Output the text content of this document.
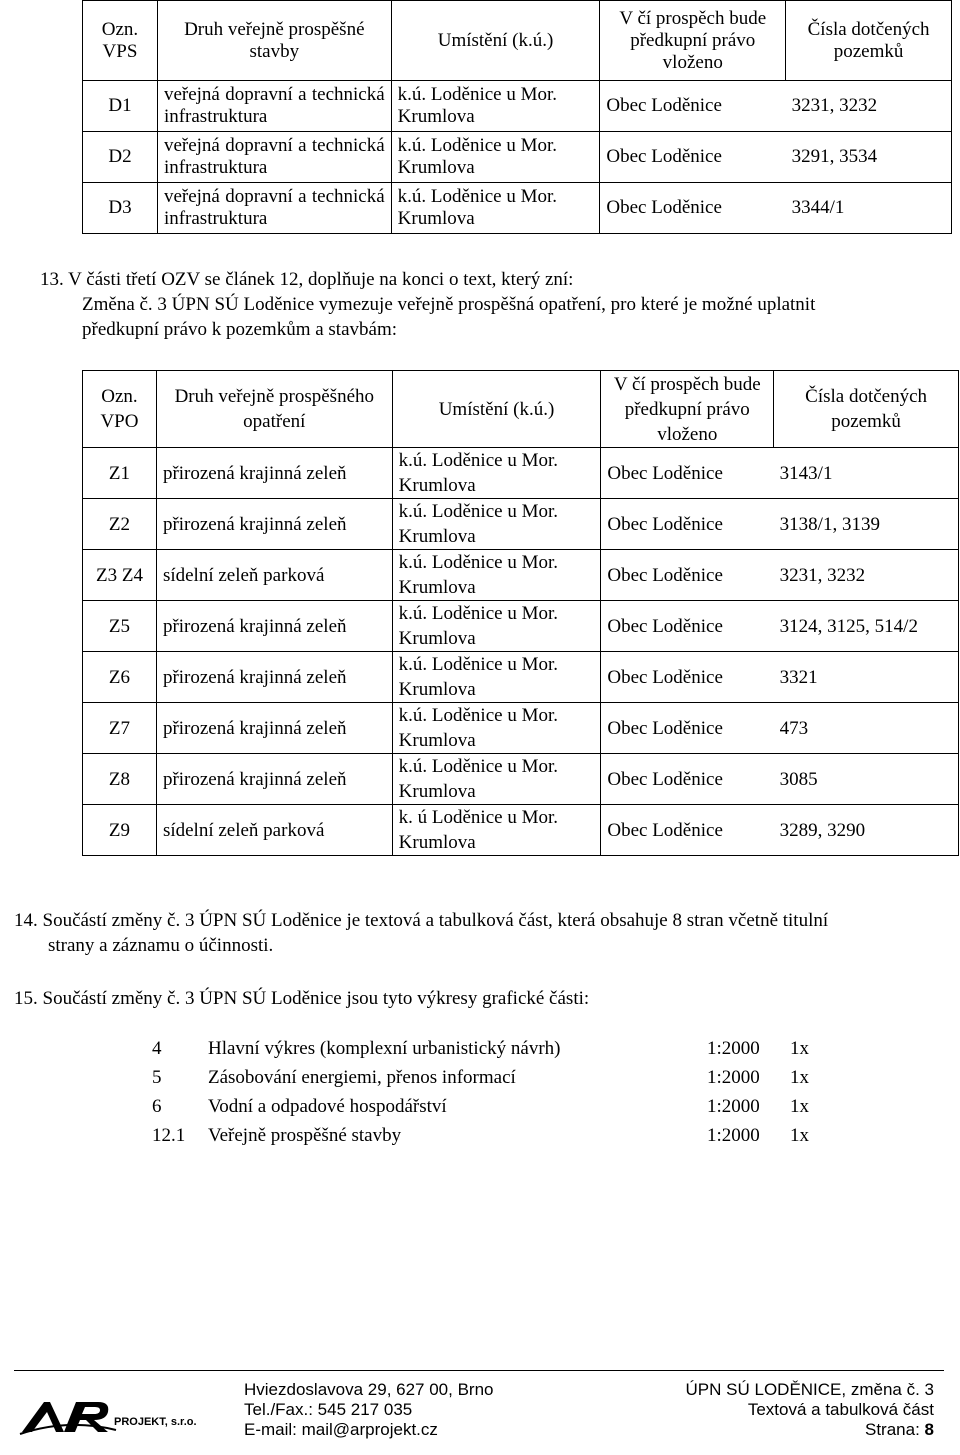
Ozn. VPS	Druh veřejně prospěšné stavby	Umístění (k.ú.)	V čí prospěch bude předkupní právo vloženo	Čísla dotčených pozemků
D1	veřejná dopravní a technická infrastruktura	k.ú. Loděnice u Mor. Krumlova	Obec Loděnice	3231, 3232
D2	veřejná dopravní a technická infrastruktura	k.ú. Loděnice u Mor. Krumlova	Obec Loděnice	3291, 3534
D3	veřejná dopravní a technická infrastruktura	k.ú. Loděnice u Mor. Krumlova	Obec Loděnice	3344/1
13. V části třetí OZV se článek 12, doplňuje na konci o text, který zní:
Změna č. 3 ÚPN SÚ Loděnice vymezuje veřejně prospěšná opatření, pro které je možné uplatnit
předkupní právo k pozemkům a stavbám:
Ozn. VPO	Druh veřejně prospěšného opatření	Umístění (k.ú.)	V čí prospěch bude předkupní právo vloženo	Čísla dotčených pozemků
Z1	přirozená krajinná zeleň	k.ú. Loděnice u Mor. Krumlova	Obec Loděnice	3143/1
Z2	přirozená krajinná zeleň	k.ú. Loděnice u Mor. Krumlova	Obec Loděnice	3138/1, 3139
Z3 Z4	sídelní zeleň parková	k.ú. Loděnice u Mor. Krumlova	Obec Loděnice	3231, 3232
Z5	přirozená krajinná zeleň	k.ú. Loděnice u Mor. Krumlova	Obec Loděnice	3124, 3125, 514/2
Z6	přirozená krajinná zeleň	k.ú. Loděnice u Mor. Krumlova	Obec Loděnice	3321
Z7	přirozená krajinná zeleň	k.ú. Loděnice u Mor. Krumlova	Obec Loděnice	473
Z8	přirozená krajinná zeleň	k.ú. Loděnice u Mor. Krumlova	Obec Loděnice	3085
Z9	sídelní zeleň parková	k. ú Loděnice u Mor. Krumlova	Obec Loděnice	3289, 3290
14. Součástí změny č. 3 ÚPN SÚ Loděnice je textová a tabulková část, která obsahuje 8 stran včetně titulní
strany a záznamu o účinnosti.
15. Součástí změny č. 3 ÚPN SÚ Loděnice jsou tyto výkresy grafické části:
4 Hlavní výkres (komplexní urbanistický návrh)	1:2000 1x
5 Zásobování energiemi, přenos informací	1:2000 1x
6 Vodní a odpadové hospodářství	1:2000 1x
12.1 Veřejně prospěšné stavby	1:2000 1x
PROJEKT, s.r.o.
Hviezdoslavova 29, 627 00, Brno
Tel./Fax.: 545 217 035
E-mail: mail@arprojekt.cz
ÚPN SÚ LODĚNICE, změna č. 3
Textová a tabulková část
Strana: 8
